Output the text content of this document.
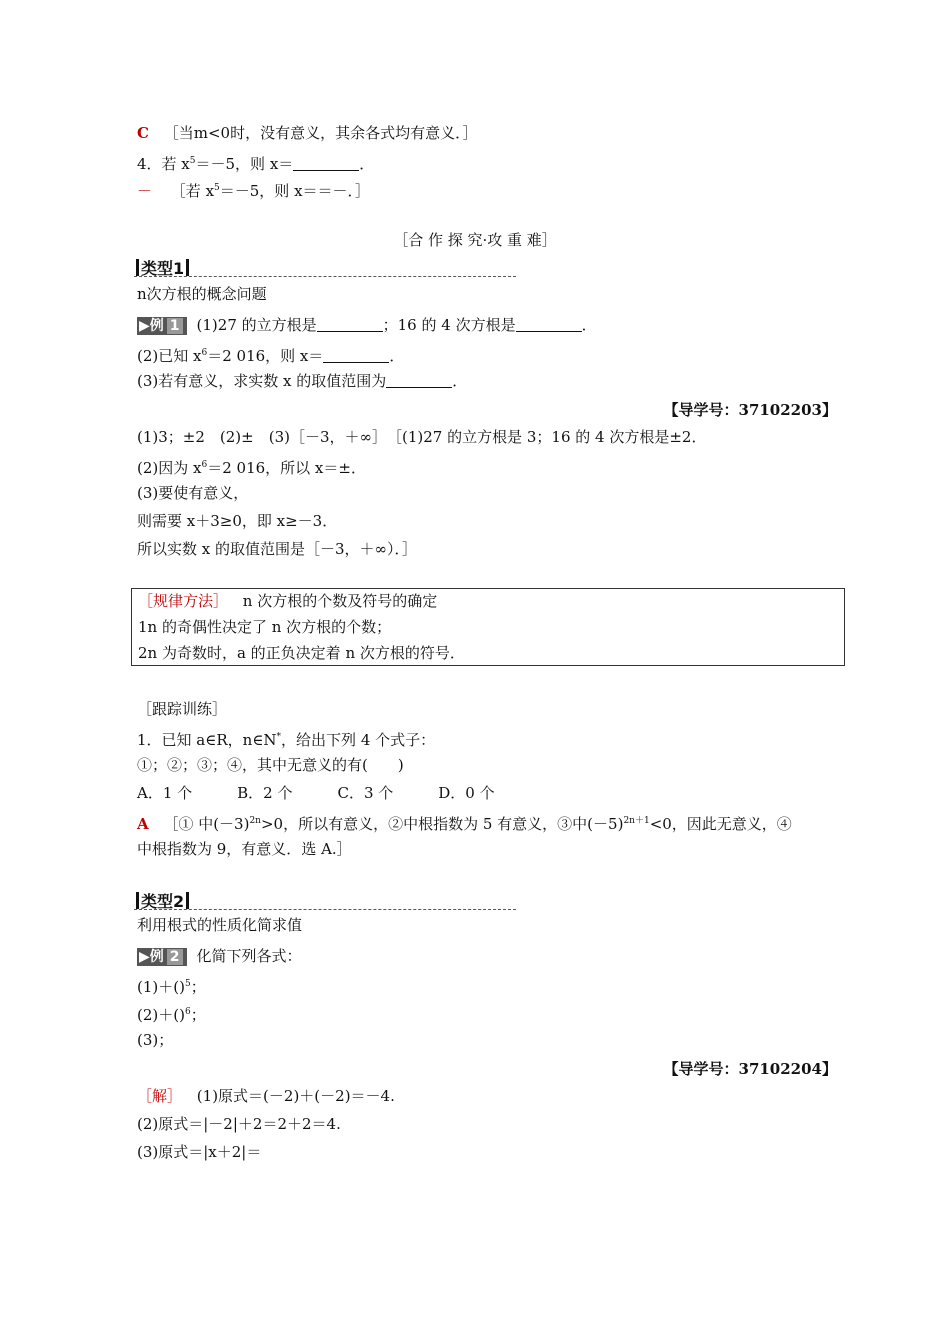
C ［当m<0时，没有意义，其余各式均有意义．］
4．若 $x^5=-5$，则 x＝	．
－ ［若 $x^5=-5$，则 x＝＝－．］
［合 作 探 究·攻 重 难］
类型1
n次方根的概念问题
▶例 1 (1)27 的立方根是	；16 的 4 次方根是	．
(2)已知 $x^6=2$ 016，则 x＝	．
(3)若有意义，求实数 x 的取值范围为	．
【导学号：37102203】
(1)3；±2　(2)±　(3)［－3，＋∞］　［(1)27 的立方根是 3；16 的 4 次方根是±2．
(2)因为 $x^6=2$ 016，所以 x＝±．
(3)要使有意义，
则需要 x＋3≥0，即 x≥－3．
所以实数 x 的取值范围是［－3，＋∞）．］
［规律方法］ n 次方根的个数及符号的确定
1n 的奇偶性决定了 n 次方根的个数；
2n 为奇数时，a 的正负决定着 n 次方根的符号．
［跟踪训练］
1．已知 a∈R，n∈N*，给出下列 4 个式子：
①；②；③；④，其中无意义的有(　　)
A．1 个　　　B．2 个　　　C．3 个　　　D．0 个
A ［① 中$(-3)^{2n}>0$，所以有意义，②中根指数为 5 有意义，③中$(-5)^{2n+1}<0$，因此无意义，④
中根指数为 9，有意义．选 A.］
类型2
利用根式的性质化简求值
▶例 2 化简下列各式：
(1)＋()$^5$；
(2)＋()$^6$；
(3)；
【导学号：37102204】
［解］ (1)原式＝(－2)＋(－2)＝－4.
(2)原式＝|－2|＋2＝2＋2＝4.
(3)原式＝|x＋2|＝
